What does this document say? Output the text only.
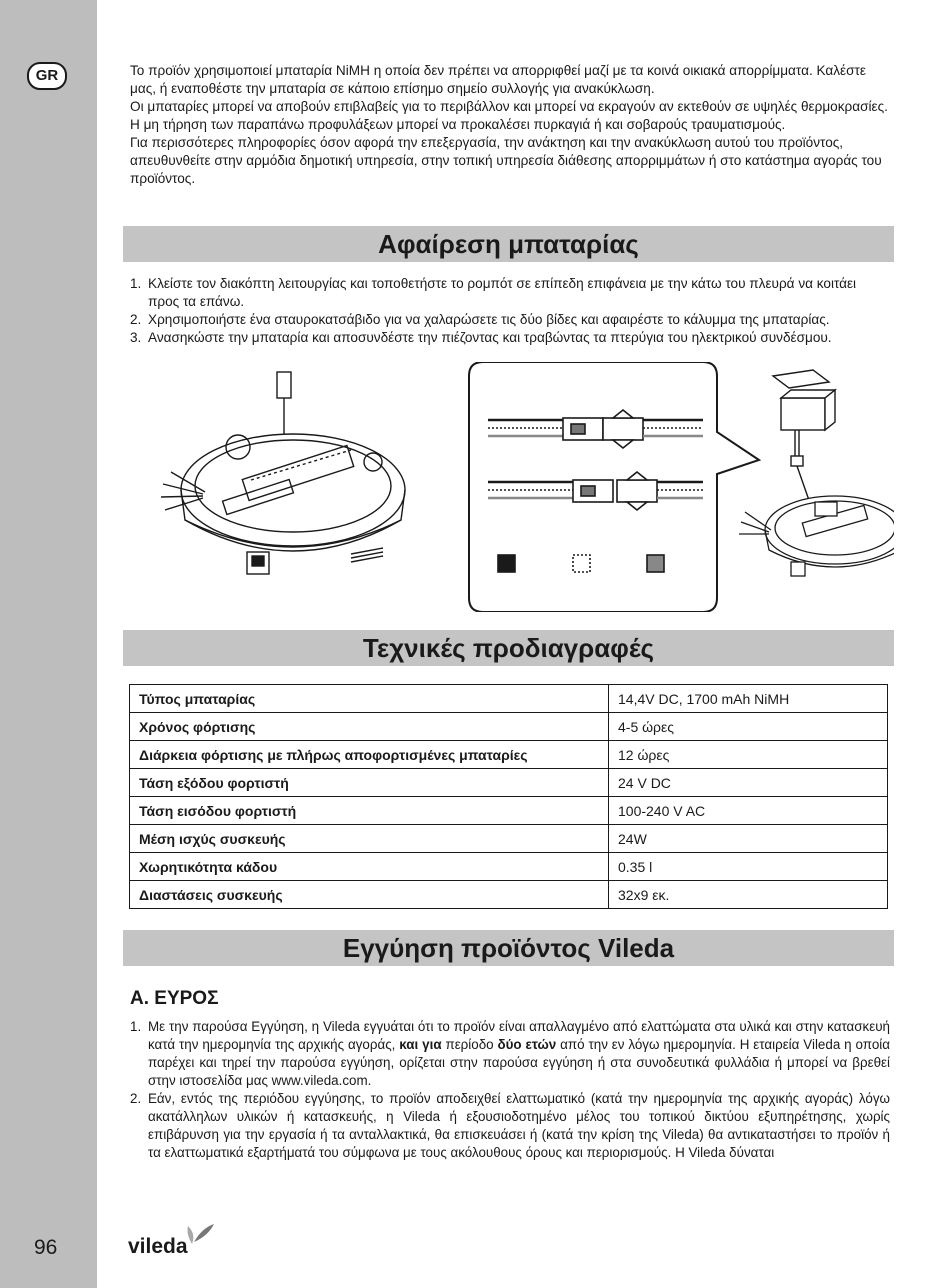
GR
96

Το προϊόν χρησιμοποιεί μπαταρία NiMH η οποία δεν πρέπει να απορριφθεί μαζί με τα κοινά οικιακά απορρίμματα. Καλέστε μας, ή εναποθέστε την μπαταρία σε κάποιο επίσημο σημείο συλλογής για ανακύκλωση.

Οι μπαταρίες μπορεί να αποβούν επιβλαβείς για το περιβάλλον και μπορεί να εκραγούν αν εκτεθούν σε υψηλές θερμοκρασίες.

Η μη τήρηση των παραπάνω προφυλάξεων μπορεί να προκαλέσει πυρκαγιά ή και σοβαρούς τραυματισμούς.

Για περισσότερες πληροφορίες όσον αφορά την επεξεργασία, την ανάκτηση και την ανακύκλωση αυτού του προϊόντος, απευθυνθείτε στην αρμόδια δημοτική υπηρεσία, στην τοπική υπηρεσία διάθεσης απορριμμάτων ή στο κατάστημα αγοράς του προϊόντος.

Αφαίρεση μπαταρίας
1. Κλείστε τον διακόπτη λειτουργίας και τοποθετήστε το ρομπότ σε επίπεδη επιφάνεια με την κάτω του πλευρά να κοιτάει προς τα επάνω.
2. Χρησιμοποιήστε ένα σταυροκατσάβιδο για να χαλαρώσετε τις δύο βίδες και αφαιρέστε το κάλυμμα της μπαταρίας.
3. Ανασηκώστε την μπαταρία και αποσυνδέστε την πιέζοντας και τραβώντας τα πτερύγια του ηλεκτρικού συνδέσμου.
Τεχνικές προδιαγραφές
Τύπος μπαταρίας	14,4V DC, 1700 mAh NiMH
Χρόνος φόρτισης	4-5 ώρες
Διάρκεια φόρτισης με πλήρως αποφορτισμένες μπαταρίες	12 ώρες
Τάση εξόδου φορτιστή	24 V DC
Τάση εισόδου φορτιστή	100-240 V AC
Μέση ισχύς συσκευής	24W
Χωρητικότητα κάδου	0.35 l
Διαστάσεις συσκευής	32x9 εκ.
Εγγύηση προϊόντος Vileda
Α. ΕΥΡΟΣ
1. Με την παρούσα Εγγύηση, η Vileda εγγυάται ότι το προϊόν είναι απαλλαγμένο από ελαττώματα στα υλικά και στην κατασκευή κατά την ημερομηνία της αρχικής αγοράς, και για περίοδο δύο ετών από την εν λόγω ημερομηνία. Η εταιρεία Vileda η οποία παρέχει και τηρεί την παρούσα εγγύηση, ορίζεται στην παρούσα εγγύηση ή στα συνοδευτικά φυλλάδια ή μπορεί να βρεθεί στην ιστοσελίδα μας www.vileda.com.
2. Εάν, εντός της περιόδου εγγύησης, το προϊόν αποδειχθεί ελαττωματικό (κατά την ημερομηνία της αρχικής αγοράς) λόγω ακατάλληλων υλικών ή κατασκευής, η Vileda ή εξουσιοδοτημένο μέλος του τοπικού δικτύου εξυπηρέτησης, χωρίς επιβάρυνση για την εργασία ή τα ανταλλακτικά, θα επισκευάσει ή (κατά την κρίση της Vileda) θα αντικαταστήσει το προϊόν ή τα ελαττωματικά εξαρτήματά του σύμφωνα με τους ακόλουθους όρους και περιορισμούς. Η Vileda δύναται
vileda
